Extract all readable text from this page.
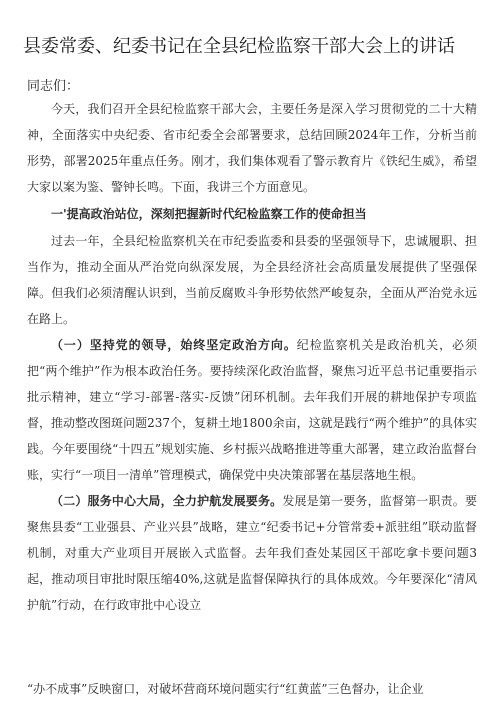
县委常委、纪委书记在全县纪检监察干部大会上的讲话
同志们：

今天，我们召开全县纪检监察干部大会，主要任务是深入学习贯彻党的二十大精神，全面落实中央纪委、省市纪委全会部署要求，总结回顾2024年工作，分析当前形势，部署2025年重点任务。刚才，我们集体观看了警示教育片《铁纪生威》，希望大家以案为鉴、警钟长鸣。下面，我讲三个方面意见。

一'提高政治站位，深刻把握新时代纪检监察工作的使命担当

过去一年，全县纪检监察机关在市纪委监委和县委的坚强领导下，忠诚履职、担当作为，推动全面从严治党向纵深发展，为全县经济社会高质量发展提供了坚强保障。但我们必须清醒认识到，当前反腐败斗争形势依然严峻复杂，全面从严治党永远在路上。

（一）坚持党的领导，始终坚定政治方向。纪检监察机关是政治机关，必须把“两个维护”作为根本政治任务。要持续深化政治监督，聚焦习近平总书记重要指示批示精神，建立“学习-部署-落实-反馈”闭环机制。去年我们开展的耕地保护专项监督，推动整改图斑问题237个，复耕土地1800余亩，这就是践行“两个维护”的具体实践。今年要围绕“十四五”规划实施、乡村振兴战略推进等重大部署，建立政治监督台账，实行“一项目一清单”管理模式，确保党中央决策部署在基层落地生根。

（二）服务中心大局，全力护航发展要务。发展是第一要务，监督第一职责。要聚焦县委“工业强县、产业兴县”战略，建立“纪委书记+分管常委+派驻组”联动监督机制，对重大产业项目开展嵌入式监督。去年我们查处某园区干部吃拿卡要问题3起，推动项目审批时限压缩40%,这就是监督保障执行的具体成效。今年要深化“清风护航”行动，在行政审批中心设立

“办不成事”反映窗口，对破坏营商环境问题实行“红黄蓝”三色督办，让企业
